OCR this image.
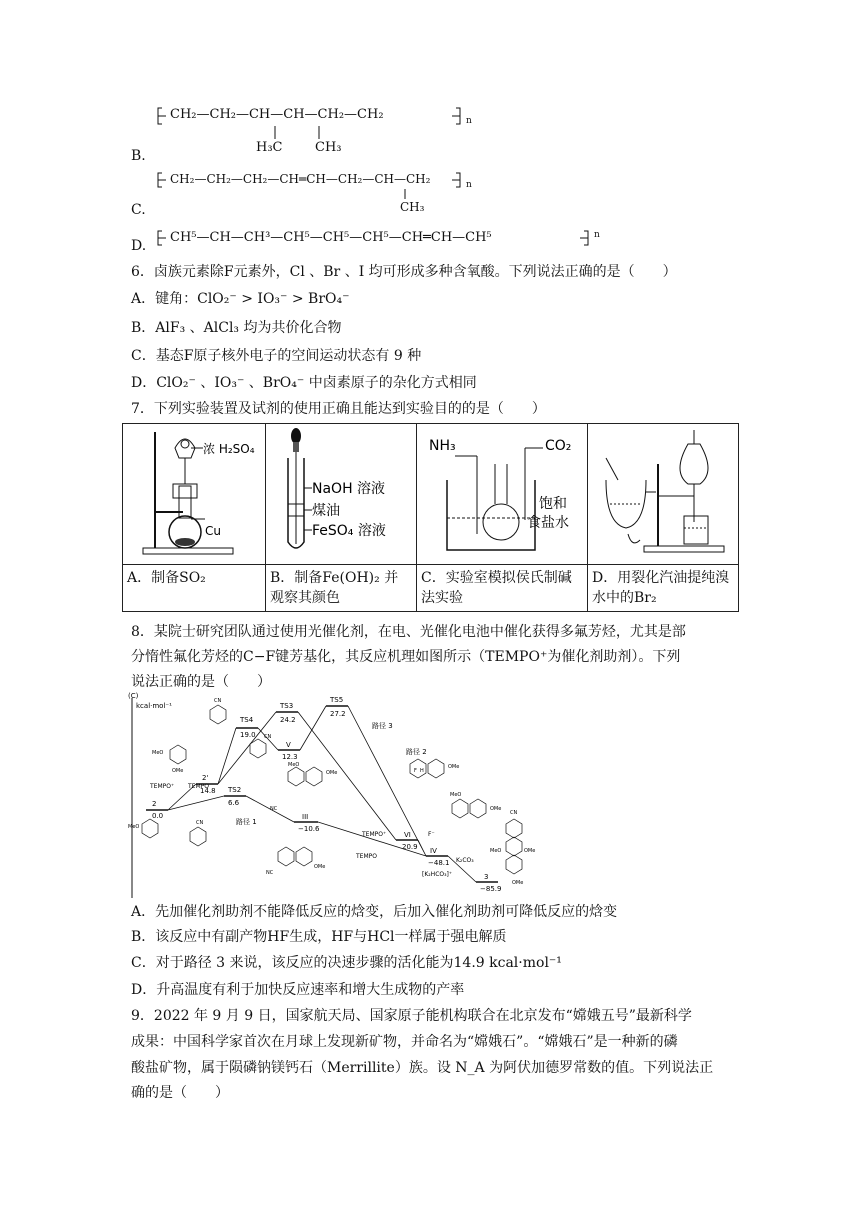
CH₂—CH₂—CH—CH—CH₂—CH₂	n
H₃C	CH₃
B.
CH₂—CH₂—CH₂—CH═CH—CH₂—CH—CH₂	n
CH₃
C.
D.
CH⁵—CH—CH³—CH⁵—CH⁵—CH⁵—CH═CH—CH⁵	n
6．卤族元素除F元素外，Cl 、Br 、I 均可形成多种含氧酸。下列说法正确的是（　　）
A．键角：ClO₂⁻ > IO₃⁻ > BrO₄⁻
B．AlF₃ 、AlCl₃ 均为共价化合物
C．基态F原子核外电子的空间运动状态有 9 种
D．ClO₂⁻ 、IO₃⁻ 、BrO₄⁻ 中卤素原子的杂化方式相同
7．下列实验装置及试剂的使用正确且能达到实验目的的是（　　）
浓 H₂SO₄
Cu	NaOH 溶液
煤油
FeSO₄ 溶液	NH₃ CO₂
饱和
食盐水

A．制备SO₂	B．制备Fe(OH)₂ 并观察其颜色	C．实验室模拟侯氏制碱法实验	D．用裂化汽油提纯溴水中的Br₂
8．某院士研究团队通过使用光催化剂，在电、光催化电池中催化获得多氟芳烃，尤其是部
分惰性氟化芳烃的C−F键芳基化，其反应机理如图所示（TEMPO⁺为催化剂助剂）。下列
说法正确的是（　　）
(C)
kcal·mol⁻¹
2
0.0
2'
14.8
TS4
19.0
TS3
24.2
TS5
27.2
V
12.3
TS2
6.6
III
−10.6
VI
20.9 IV
−48.1
3
−85.9
路径 3
路径 2
路径 1
TEMPO⁺ TEMPO
TEMPO⁺
TEMPO
F⁻
K₂CO₃
[K₂HCO₃]⁺
MeO
OMe
CN
CN
MeO
OMe
NC
MeO
CN
NC
OMe
OMe
MeO
OMe
CN
MeO	OMe
OMe
F H
A．先加催化剂助剂不能降低反应的焓变，后加入催化剂助剂可降低反应的焓变
B．该反应中有副产物HF生成，HF与HCl一样属于强电解质
C．对于路径 3 来说，该反应的决速步骤的活化能为14.9 kcal·mol⁻¹
D．升高温度有利于加快反应速率和增大生成物的产率
9．2022 年 9 月 9 日，国家航天局、国家原子能机构联合在北京发布“嫦娥五号”最新科学
成果：中国科学家首次在月球上发现新矿物，并命名为“嫦娥石”。“嫦娥石”是一种新的磷
酸盐矿物，属于陨磷钠镁钙石（Merrillite）族。设 N_A 为阿伏加德罗常数的值。下列说法正
确的是（　　）
